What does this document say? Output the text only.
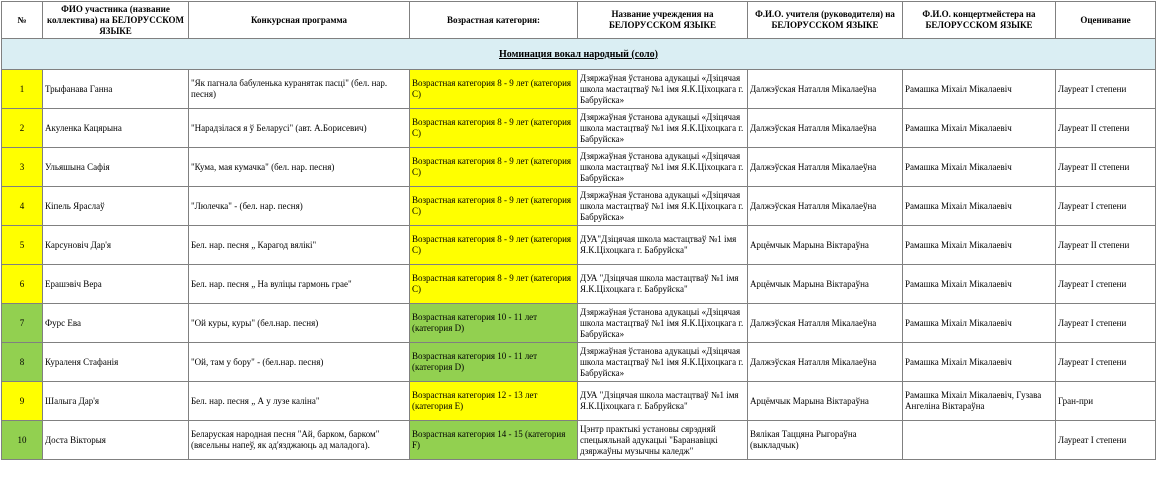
№	ФИО участника (название коллектива) на БЕЛОРУССКОМ ЯЗЫКЕ	Конкурсная программа	Возрастная категория:	Название учреждения на БЕЛОРУССКОМ ЯЗЫКЕ	Ф.И.О. учителя (руководителя) на БЕЛОРУССКОМ ЯЗЫКЕ	Ф.И.О. концертмейстера на БЕЛОРУССКОМ ЯЗЫКЕ	Оценивание
Номинация вокал народный (соло)							
1	Трыфанава Ганна	"Як пагнала бабуленька куранятак пасці" (бел. нар. песня)	Возрастная категория 8 - 9 лет (категория С)	Дзяржаўная ўстанова адукацыі «Дзіцячая школа мастацтваў №1 імя Я.К.Ціхоцкага г. Бабруйска»	Далжэўская Наталля Мікалаеўна	Рамашка Міхаіл Мікалаевіч	Лауреат I степени
2	Акуленка Кацярына	"Нарадзілася я ў Беларусі" (авт. А.Борисевич)	Возрастная категория 8 - 9 лет (категория С)	Дзяржаўная ўстанова адукацыі «Дзіцячая школа мастацтваў №1 імя Я.К.Ціхоцкага г. Бабруйска»	Далжэўская Наталля Мікалаеўна	Рамашка Міхаіл Мікалаевіч	Лауреат II степени
3	Ульяшына Сафія	"Кума, мая кумачка" (бел. нар. песня)	Возрастная категория 8 - 9 лет (категория С)	Дзяржаўная ўстанова адукацыі «Дзіцячая школа мастацтваў №1 імя Я.К.Ціхоцкага г. Бабруйска»	Далжэўская Наталля Мікалаеўна	Рамашка Міхаіл Мікалаевіч	Лауреат II степени
4	Кіпель Яраслаў	"Люлечка" - (бел. нар. песня)	Возрастная категория 8 - 9 лет (категория С)	Дзяржаўная ўстанова адукацыі «Дзіцячая школа мастацтваў №1 імя Я.К.Ціхоцкага г. Бабруйска»	Далжэўская Наталля Мікалаеўна	Рамашка Міхаіл Мікалаевіч	Лауреат I степени
5	Карсуновіч Дар'я	Бел. нар. песня „ Карагод вялікі"	Возрастная категория 8 - 9 лет (категория С)	ДУА"Дзіцячая школа мастацтваў №1 імя Я.К.Ціхоцкага г. Бабруйска"	Арцёмчык Марына Віктараўна	Рамашка Міхаіл Мікалаевіч	Лауреат II степени
6	Ерашэвіч Вера	Бел. нар. песня „ На вуліцы гармонь грае"	Возрастная категория 8 - 9 лет (категория С)	ДУА "Дзіцячая школа мастацтваў №1 імя Я.К.Ціхоцкага г. Бабруйска"	Арцёмчык Марына Віктараўна	Рамашка Міхаіл Мікалаевіч	Лауреат I степени
7	Фурс Ева	"Ой куры, куры" (бел.нар. песня)	Возрастная категория 10 - 11 лет (категория D)	Дзяржаўная ўстанова адукацыі «Дзіцячая школа мастацтваў №1 імя Я.К.Ціхоцкага г. Бабруйска»	Далжэўская Наталля Мікалаеўна	Рамашка Міхаіл Мікалаевіч	Лауреат I степени
8	Кураленя Стафанія	"Ой, там у бору" - (бел.нар. песня)	Возрастная категория 10 - 11 лет (категория D)	Дзяржаўная ўстанова адукацыі «Дзіцячая школа мастацтваў №1 імя Я.К.Ціхоцкага г. Бабруйска»	Далжэўская Наталля Мікалаеўна	Рамашка Міхаіл Мікалаевіч	Лауреат I степени
9	Шалыга Дар'я	Бел. нар. песня „ А у лузе каліна"	Возрастная категория 12 - 13 лет (категория Е)	ДУА "Дзіцячая школа мастацтваў №1 імя Я.К.Ціхоцкага г. Бабруйска"	Арцёмчык Марына Віктараўна	Рамашка Міхаіл Мікалаевіч, Гузава Ангеліна Віктараўна	Гран-при
10	Доста Вікторыя	Беларуская народная песня "Ай, барком, барком" (вясельны напеў, як ад'язджаюць ад маладога).	Возрастная категория 14 - 15 (категория F)	Цэнтр практыкі установы сярэдняй спецыяльнай адукацыі "Баранавіцкі дзяржаўны музычны каледж"	Вялікая Таццяна Рыгораўна (выкладчык)		Лауреат I степени
